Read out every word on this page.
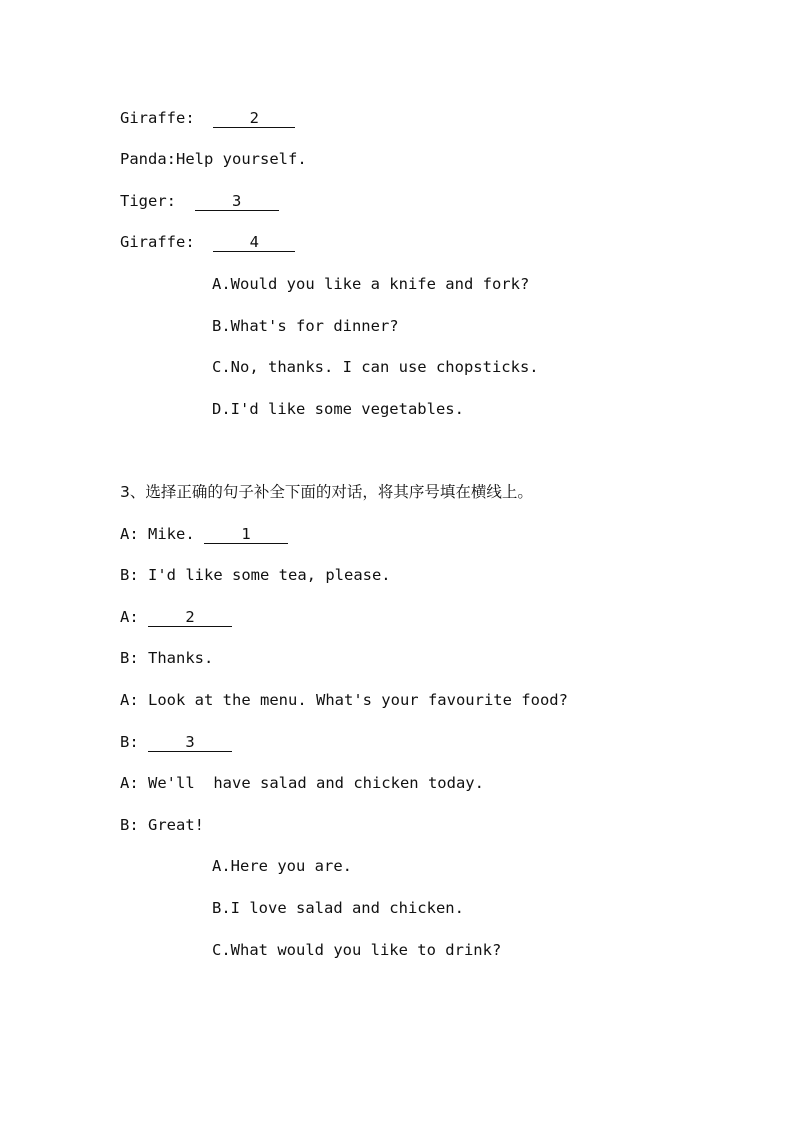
Giraffe:	2
Panda:Help yourself.
Tiger:	3
Giraffe:	4
A.Would you like a knife and fork?
B.What's for dinner?
C.No, thanks. I can use chopsticks.
D.I'd like some vegetables.
3、选择正确的句子补全下面的对话，将其序号填在横线上。
A: Mike.	1
B: I'd like some tea, please.
A:	2
B: Thanks.
A: Look at the menu. What's your favourite food?
B:	3
A: We'll  have salad and chicken today.
B: Great!
A.Here you are.
B.I love salad and chicken.
C.What would you like to drink?
